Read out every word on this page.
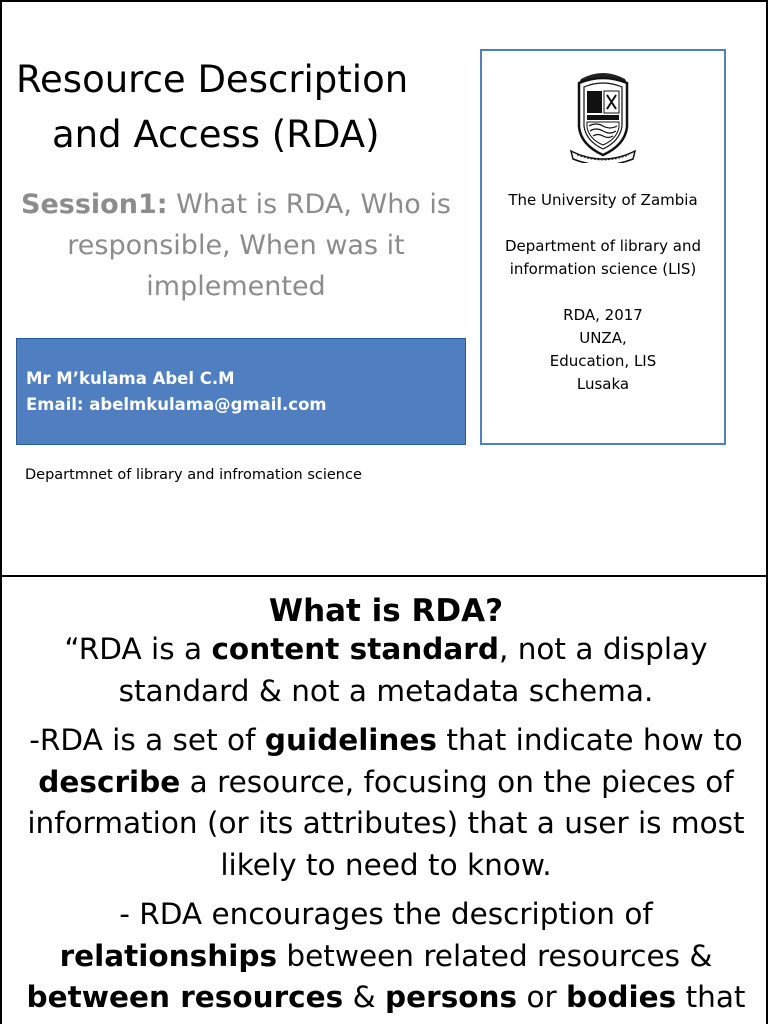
Resource Description
and Access (RDA)
Session1: What is RDA, Who is responsible, When was it implemented
Mr M’kulama Abel C.M
Email: abelmkulama@gmail.com
Departmnet of library and infromation science
The University of Zambia
Department of library and
information science (LIS)
RDA, 2017
UNZA,
Education, LIS
Lusaka
What is RDA?

“RDA is a content standard, not a display standard & not a metadata schema.

-RDA is a set of guidelines that indicate how to describe a resource, focusing on the pieces of information (or its attributes) that a user is most likely to need to know.

- RDA encourages the description of relationships between related resources & between resources & persons or bodies that
